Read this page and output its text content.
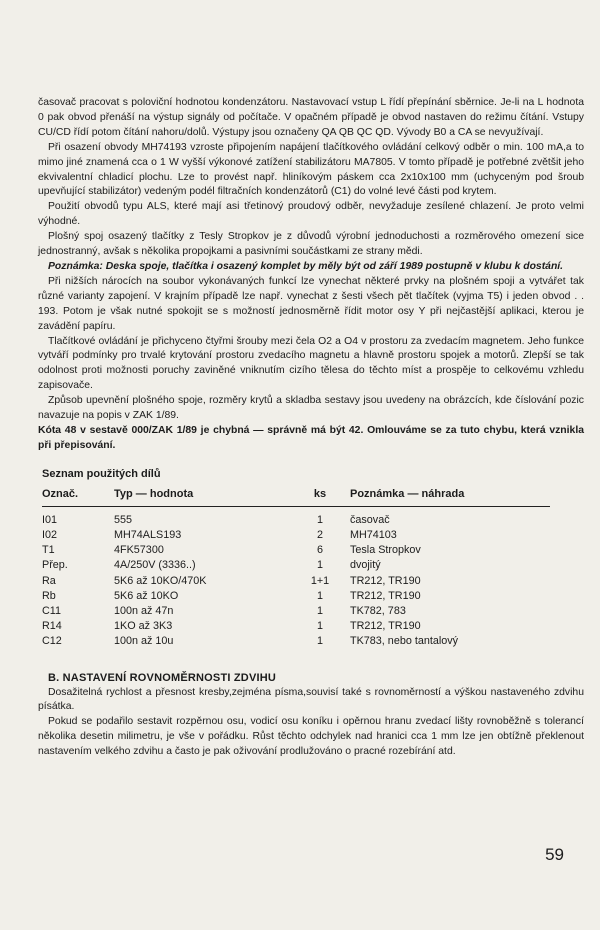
časovač pracovat s poloviční hodnotou kondenzátoru. Nastavovací vstup L řídí přepínání sběrnice. Je-li na L hodnota 0 pak obvod přenáší na výstup signály od počítače. V opačném případě je obvod nastaven do režimu čítání. Vstupy CU/CD řídí potom čítání nahoru/dolů. Výstupy jsou označeny QA QB QC QD. Vývody B0 a CA se nevyužívají.

Při osazení obvody MH74193 vzroste připojením napájení tlačítkového ovládání celkový odběr o min. 100 mA,a to mimo jiné znamená cca o 1 W vyšší výkonové zatížení stabilizátoru MA7805. V tomto případě je potřebné zvětšit jeho ekvivalentní chladicí plochu. Lze to provést např. hliníkovým páskem cca 2x10x100 mm (uchyceným pod šroub upevňující stabilizátor) vedeným podél filtračních kondenzátorů (C1) do volné levé části pod krytem.

Použití obvodů typu ALS, které mají asi třetinový proudový odběr, nevyžaduje zesílené chlazení. Je proto velmi výhodné.

Plošný spoj osazený tlačítky z Tesly Stropkov je z důvodů výrobní jednoduchosti a rozměrového omezení sice jednostranný, avšak s několika propojkami a pasivními součástkami ze strany mědi.

Poznámka: Deska spoje, tlačítka i osazený komplet by měly být od září 1989 postupně v klubu k dostání.

Při nižších nárocích na soubor vykonávaných funkcí lze vynechat některé prvky na plošném spoji a vytvářet tak různé varianty zapojení. V krajním případě lze např. vynechat z šesti všech pět tlačítek (vyjma T5) i jeden obvod . . 193. Potom je však nutné spokojit se s možností jednosměrně řídit motor osy Y při nejčastější aplikaci, kterou je zavádění papíru.

Tlačítkové ovládání je přichyceno čtyřmi šrouby mezi čela O2 a O4 v prostoru za zvedacím magnetem. Jeho funkce vytváří podmínky pro trvalé krytování prostoru zvedacího magnetu a hlavně prostoru spojek a motorů. Zlepší se tak odolnost proti možnosti poruchy zaviněné vniknutím cizího tělesa do těchto míst a prospěje to celkovému vzhledu zapisovače.

Způsob upevnění plošného spoje, rozměry krytů a skladba sestavy jsou uvedeny na obrázcích, kde číslování pozic navazuje na popis v ZAK 1/89.

Kóta 48 v sestavě 000/ZAK 1/89 je chybná — správně má být 42. Omlouváme se za tuto chybu, která vznikla při přepisování.

Seznam použitých dílů

Označ.	Typ — hodnota	ks	Poznámka — náhrada
I01	555	1	časovač
I02	MH74ALS193	2	MH74103
T1	4FK57300	6	Tesla Stropkov
Přep.	4A/250V (3336..)	1	dvojitý
Ra	5K6 až 10KO/470K	1+1	TR212, TR190
Rb	5K6 až 10KO	1	TR212, TR190
C11	100n až 47n	1	TK782, 783
R14	1KO až 3K3	1	TR212, TR190
C12	100n až 10u	1	TK783, nebo tantalový

B. NASTAVENÍ ROVNOMĚRNOSTI ZDVIHU

Dosažitelná rychlost a přesnost kresby,zejména písma,souvisí také s rovnoměrností a výškou nastaveného zdvihu písátka.

Pokud se podařilo sestavit rozpěrnou osu, vodicí osu koníku i opěrnou hranu zvedací lišty rovnoběžně s tolerancí několika desetin milimetru, je vše v pořádku. Růst těchto odchylek nad hranici cca 1 mm lze jen obtížně překlenout nastavením velkého zdvihu a často je pak oživování prodlužováno o pracné rozebírání atd.

59
